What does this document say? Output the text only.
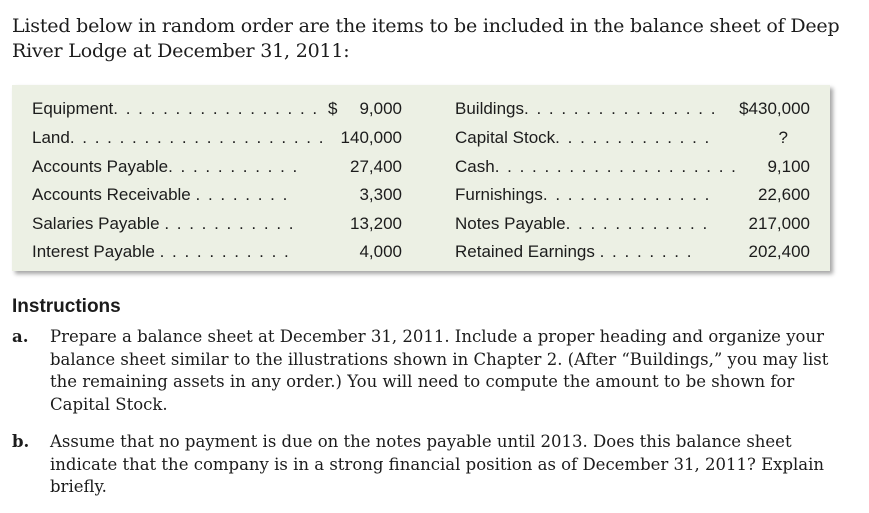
Listed below in random order are the items to be included in the balance sheet of Deep River Lodge at December 31, 2011:
Equipment. . . . . . . . . . . . . . . . . $ 9,000	Buildings. . . . . . . . . . . . . . . . $430,000
Land. . . . . . . . . . . . . . . . . . . . . 140,000	Capital Stock. . . . . . . . . . . . .	?
Accounts Payable. . . . . . . . . . .	27,400	Cash. . . . . . . . . . . . . . . . . . . . 9,100
Accounts Receivable . . . . . . . .	3,300	Furnishings. . . . . . . . . . . . . .	22,600
Salaries Payable . . . . . . . . . . .	13,200	Notes Payable. . . . . . . . . . . . 217,000
Interest Payable . . . . . . . . . . .	4,000	Retained Earnings . . . . . . . .	202,400
Instructions
a. Prepare a balance sheet at December 31, 2011. Include a proper heading and organize your balance sheet similar to the illustrations shown in Chapter 2. (After “Buildings,” you may list the remaining assets in any order.) You will need to compute the amount to be shown for Capital Stock.
b. Assume that no payment is due on the notes payable until 2013. Does this balance sheet indicate that the company is in a strong financial position as of December 31, 2011? Explain briefly.
